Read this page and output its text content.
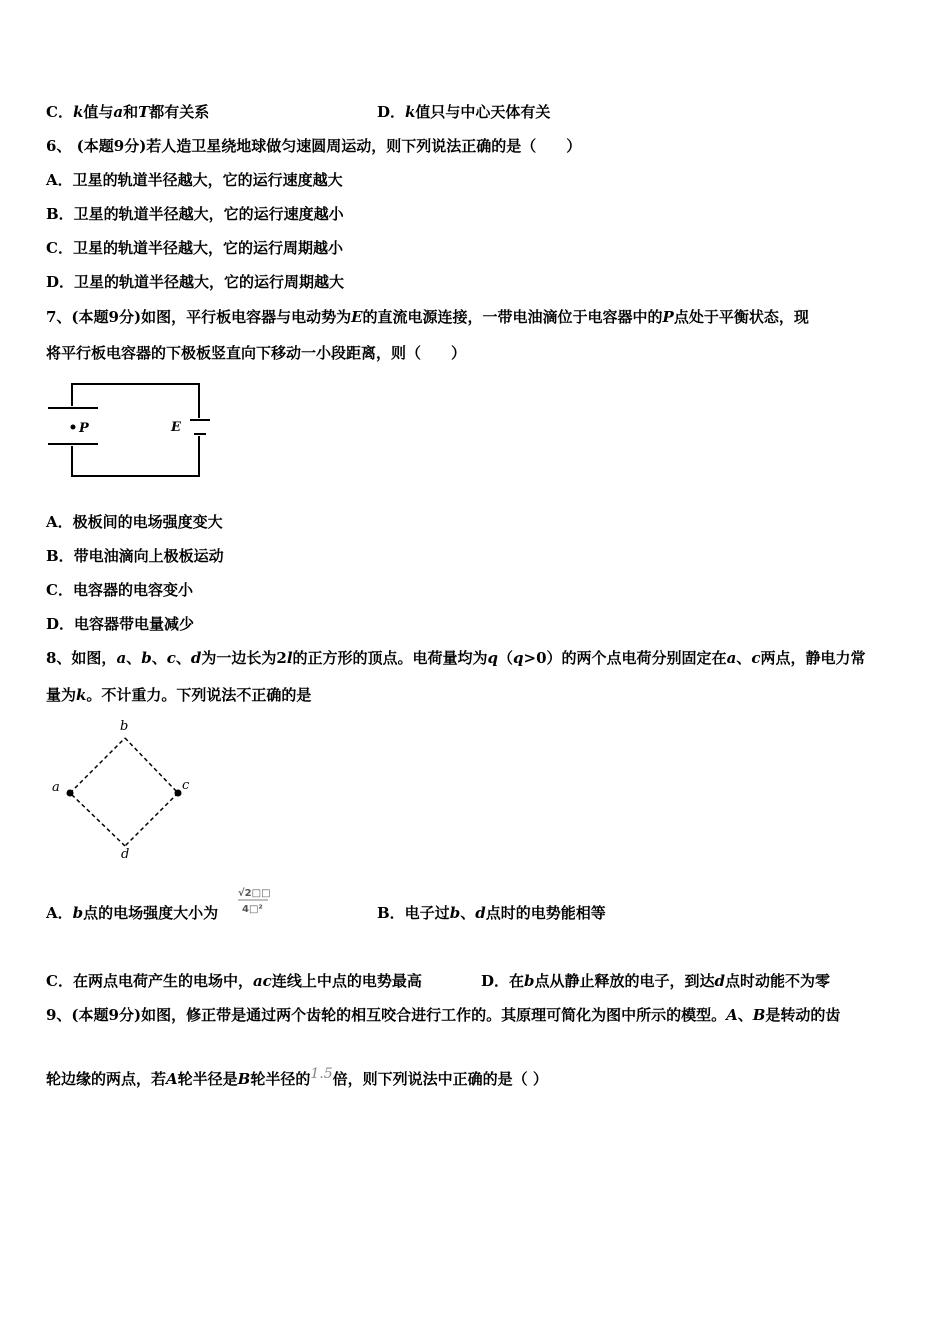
C．k值与a和T都有关系	D．k值只与中心天体有关
6、 (本题9分)若人造卫星绕地球做匀速圆周运动，则下列说法正确的是（　　）
A．卫星的轨道半径越大，它的运行速度越大
B．卫星的轨道半径越大，它的运行速度越小
C．卫星的轨道半径越大，它的运行周期越小
D．卫星的轨道半径越大，它的运行周期越大
7、(本题9分)如图，平行板电容器与电动势为E的直流电源连接，一带电油滴位于电容器中的P点处于平衡状态，现
将平行板电容器的下极板竖直向下移动一小段距离，则（　　）
P	E
A．极板间的电场强度变大
B．带电油滴向上极板运动
C．电容器的电容变小
D．电容器带电量减少
8、如图，a、b、c、d为一边长为2l的正方形的顶点。电荷量均为q（q>0）的两个点电荷分别固定在a、c两点，静电力常
量为k。不计重力。下列说法不正确的是
a
b
c
d
A．b点的电场强度大小为
√2□□
4□²	B．电子过b、d点时的电势能相等
C．在两点电荷产生的电场中，ac连线上中点的电势最高	D．在b点从静止释放的电子，到达d点时动能不为零
9、(本题9分)如图，修正带是通过两个齿轮的相互咬合进行工作的。其原理可简化为图中所示的模型。A、B是转动的齿
轮边缘的两点，若A轮半径是B轮半径的1.5倍，则下列说法中正确的是（ ）
